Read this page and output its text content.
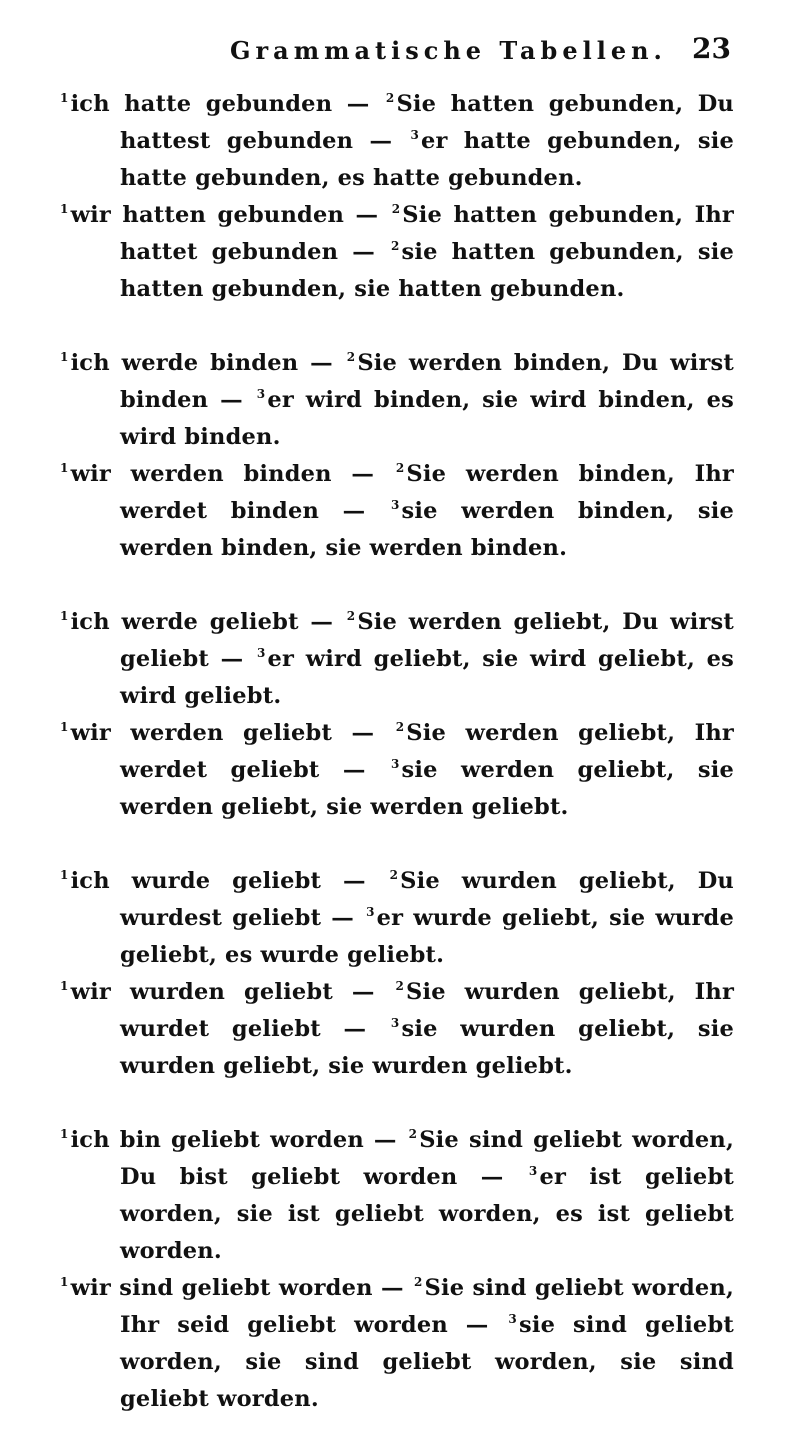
Grammatische Tabellen. 23

$^1$ich hatte gebunden — $^2$Sie hatten gebunden, Du hattest gebunden — $^3$er hatte gebunden, sie hatte gebunden, es hatte gebunden.

$^1$wir hatten gebunden — $^2$Sie hatten gebunden, Ihr hattet gebunden — $^2$sie hatten gebunden, sie hatten gebunden, sie hatten gebunden.

$^1$ich werde binden — $^2$Sie werden binden, Du wirst binden — $^3$er wird binden, sie wird binden, es wird binden.

$^1$wir werden binden — $^2$Sie werden binden, Ihr werdet binden — $^3$sie werden binden, sie werden binden, sie werden binden.

$^1$ich werde geliebt — $^2$Sie werden geliebt, Du wirst geliebt — $^3$er wird geliebt, sie wird geliebt, es wird geliebt.

$^1$wir werden geliebt — $^2$Sie werden geliebt, Ihr werdet geliebt — $^3$sie werden geliebt, sie werden geliebt, sie werden geliebt.

$^1$ich wurde geliebt — $^2$Sie wurden geliebt, Du wurdest geliebt — $^3$er wurde geliebt, sie wurde geliebt, es wurde geliebt.

$^1$wir wurden geliebt — $^2$Sie wurden geliebt, Ihr wurdet geliebt — $^3$sie wurden geliebt, sie wurden geliebt, sie wurden geliebt.

$^1$ich bin geliebt worden — $^2$Sie sind geliebt worden, Du bist geliebt worden — $^3$er ist geliebt worden, sie ist geliebt worden, es ist geliebt worden.

$^1$wir sind geliebt worden — $^2$Sie sind geliebt worden, Ihr seid geliebt worden — $^3$sie sind geliebt worden, sie sind geliebt worden, sie sind geliebt worden.
